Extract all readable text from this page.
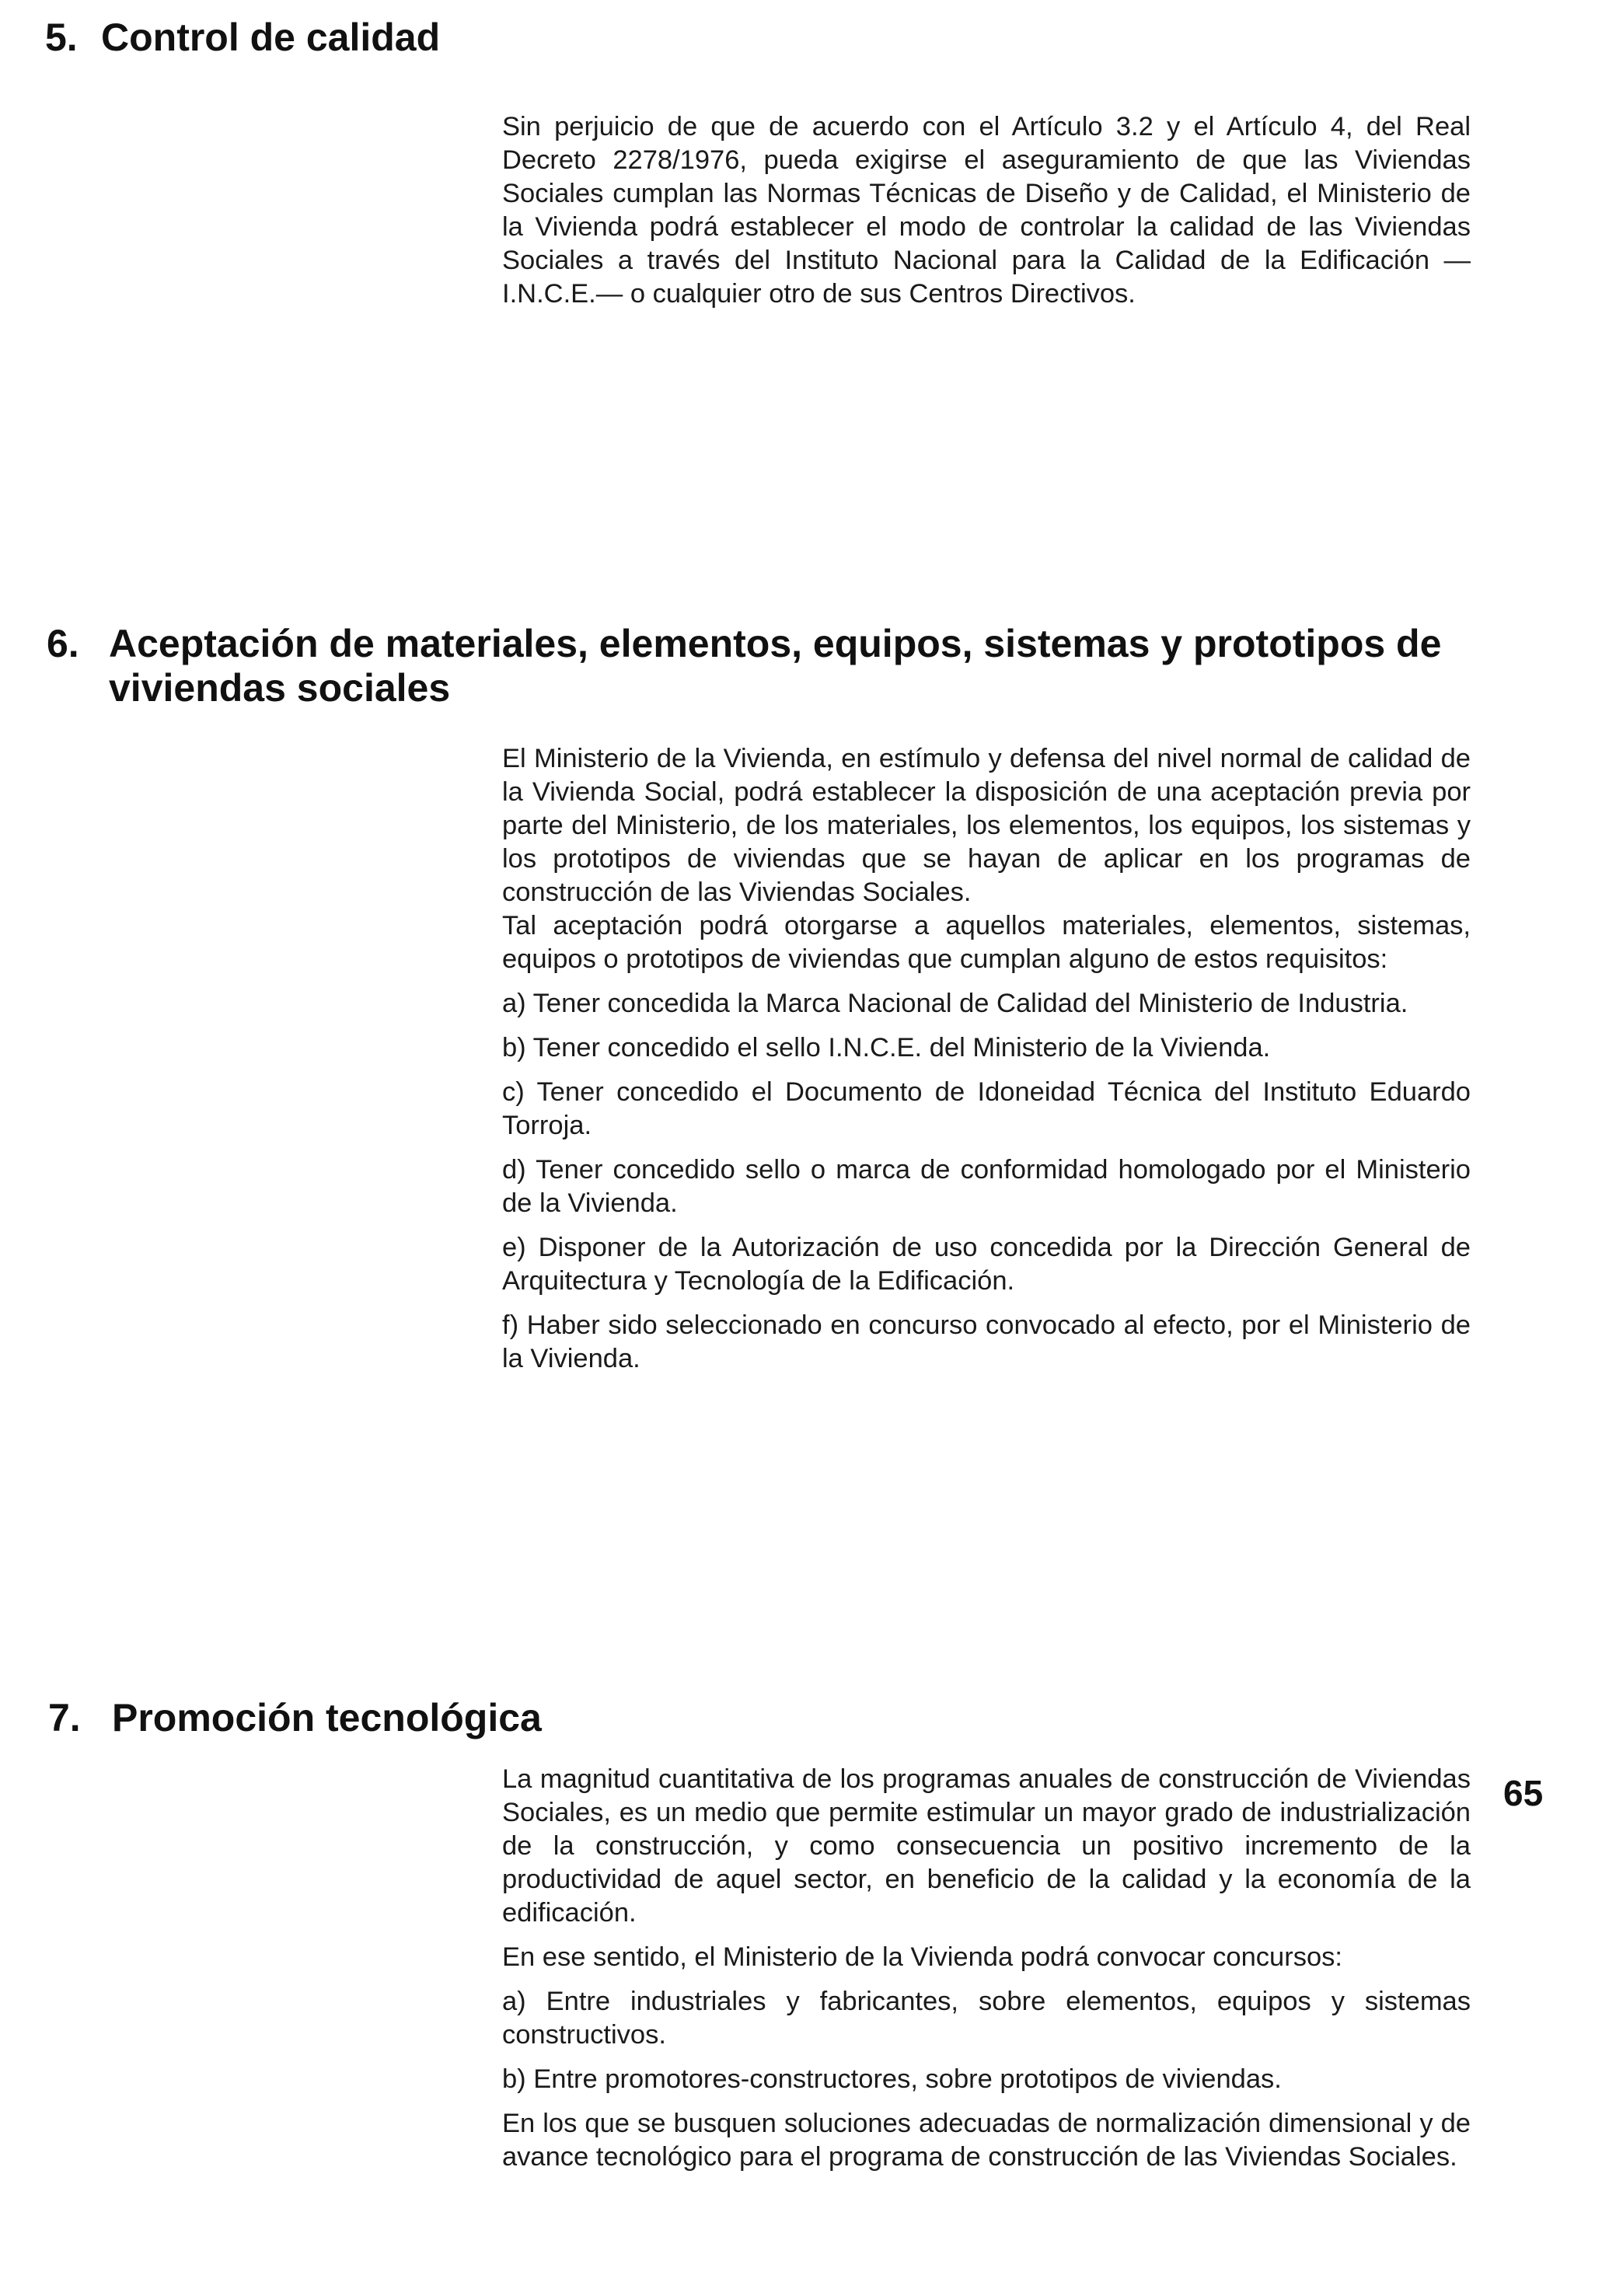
5. Control de calidad

Sin perjuicio de que de acuerdo con el Artículo 3.2 y el Artículo 4, del Real Decreto 2278/1976, pueda exigirse el aseguramiento de que las Viviendas Sociales cumplan las Normas Técnicas de Diseño y de Calidad, el Ministerio de la Vivienda podrá establecer el modo de controlar la calidad de las Viviendas Sociales a través del Instituto Nacional para la Calidad de la Edificación —I.N.C.E.— o cualquier otro de sus Centros Directivos.

6. Aceptación de materiales, elementos, equipos, sistemas y prototipos de viviendas sociales

El Ministerio de la Vivienda, en estímulo y defensa del nivel normal de calidad de la Vivienda Social, podrá establecer la disposición de una aceptación previa por parte del Ministerio, de los materiales, los elementos, los equipos, los sistemas y los prototipos de viviendas que se hayan de aplicar en los programas de construcción de las Viviendas Sociales.

Tal aceptación podrá otorgarse a aquellos materiales, elementos, sistemas, equipos o prototipos de viviendas que cumplan alguno de estos requisitos:

a) Tener concedida la Marca Nacional de Calidad del Ministerio de Industria.

b) Tener concedido el sello I.N.C.E. del Ministerio de la Vivienda.

c) Tener concedido el Documento de Idoneidad Técnica del Instituto Eduardo Torroja.

d) Tener concedido sello o marca de conformidad homologado por el Ministerio de la Vivienda.

e) Disponer de la Autorización de uso concedida por la Dirección General de Arquitectura y Tecnología de la Edificación.

f) Haber sido seleccionado en concurso convocado al efecto, por el Ministerio de la Vivienda.

7. Promoción tecnológica

La magnitud cuantitativa de los programas anuales de construcción de Viviendas Sociales, es un medio que permite estimular un mayor grado de industrialización de la construcción, y como consecuencia un positivo incremento de la productividad de aquel sector, en beneficio de la calidad y la economía de la edificación.

En ese sentido, el Ministerio de la Vivienda podrá convocar concursos:

a) Entre industriales y fabricantes, sobre elementos, equipos y sistemas constructivos.

b) Entre promotores-constructores, sobre prototipos de viviendas.

En los que se busquen soluciones adecuadas de normalización dimensional y de avance tecnológico para el programa de construcción de las Viviendas Sociales.

65
